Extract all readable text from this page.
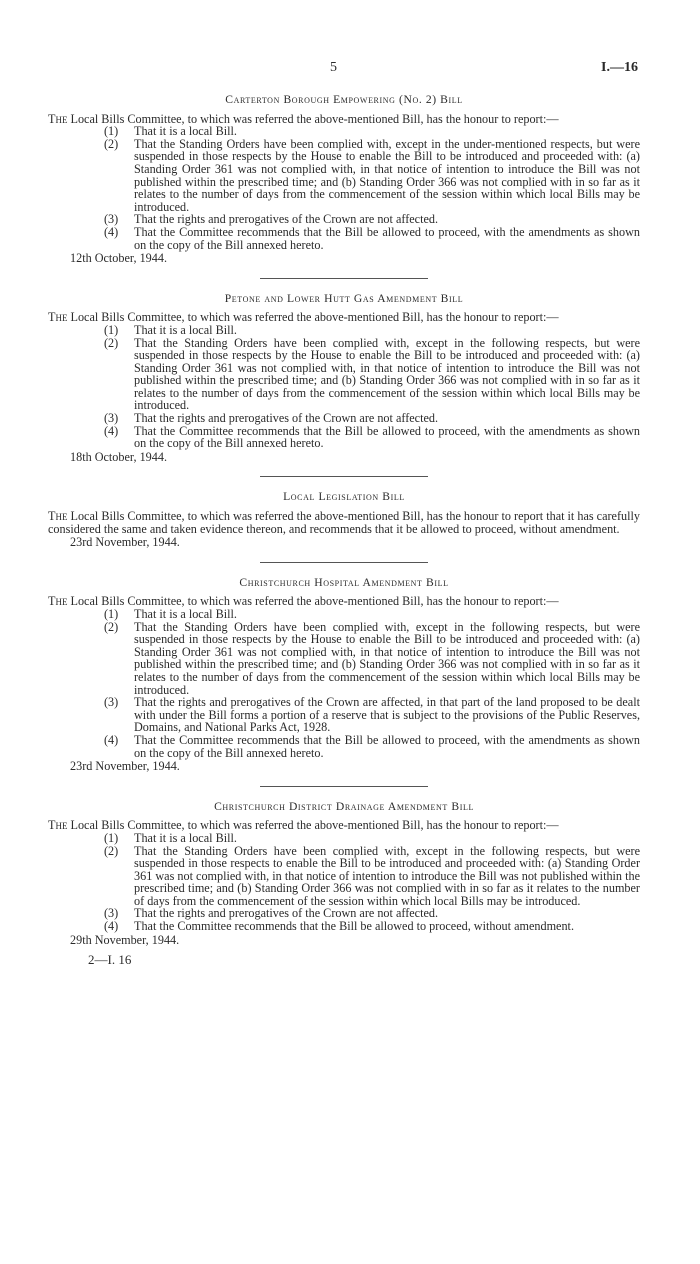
5	I.—16
Carterton Borough Empowering (No. 2) Bill

The Local Bills Committee, to which was referred the above-mentioned Bill, has the honour to report:—

(1)	That it is a local Bill.
(2)	That the Standing Orders have been complied with, except in the under-mentioned respects, but were suspended in those respects by the House to enable the Bill to be introduced and proceeded with: (a) Standing Order 361 was not complied with, in that notice of intention to introduce the Bill was not published within the prescribed time; and (b) Standing Order 366 was not complied with in so far as it relates to the number of days from the commencement of the session within which local Bills may be introduced.
(3)	That the rights and prerogatives of the Crown are not affected.
(4)	That the Committee recommends that the Bill be allowed to proceed, with the amendments as shown on the copy of the Bill annexed hereto.
12th October, 1944.
Petone and Lower Hutt Gas Amendment Bill

The Local Bills Committee, to which was referred the above-mentioned Bill, has the honour to report:—

(1)	That it is a local Bill.
(2)	That the Standing Orders have been complied with, except in the following respects, but were suspended in those respects by the House to enable the Bill to be introduced and proceeded with: (a) Standing Order 361 was not complied with, in that notice of intention to introduce the Bill was not published within the prescribed time; and (b) Standing Order 366 was not complied with in so far as it relates to the number of days from the commencement of the session within which local Bills may be introduced.
(3)	That the rights and prerogatives of the Crown are not affected.
(4)	That the Committee recommends that the Bill be allowed to proceed, with the amendments as shown on the copy of the Bill annexed hereto.
18th October, 1944.
Local Legislation Bill

The Local Bills Committee, to which was referred the above-mentioned Bill, has the honour to report that it has carefully considered the same and taken evidence thereon, and recommends that it be allowed to proceed, without amendment.

23rd November, 1944.
Christchurch Hospital Amendment Bill

The Local Bills Committee, to which was referred the above-mentioned Bill, has the honour to report:—

(1)	That it is a local Bill.
(2)	That the Standing Orders have been complied with, except in the following respects, but were suspended in those respects by the House to enable the Bill to be introduced and proceeded with: (a) Standing Order 361 was not complied with, in that notice of intention to introduce the Bill was not published within the prescribed time; and (b) Standing Order 366 was not complied with in so far as it relates to the number of days from the commencement of the session within which local Bills may be introduced.
(3)	That the rights and prerogatives of the Crown are affected, in that part of the land proposed to be dealt with under the Bill forms a portion of a reserve that is subject to the provisions of the Public Reserves, Domains, and National Parks Act, 1928.
(4)	That the Committee recommends that the Bill be allowed to proceed, with the amendments as shown on the copy of the Bill annexed hereto.
23rd November, 1944.
Christchurch District Drainage Amendment Bill

The Local Bills Committee, to which was referred the above-mentioned Bill, has the honour to report:—

(1)	That it is a local Bill.
(2)	That the Standing Orders have been complied with, except in the following respects, but were suspended in those respects to enable the Bill to be introduced and proceeded with: (a) Standing Order 361 was not complied with, in that notice of intention to introduce the Bill was not published within the prescribed time; and (b) Standing Order 366 was not complied with in so far as it relates to the number of days from the commencement of the session within which local Bills may be introduced.
(3)	That the rights and prerogatives of the Crown are not affected.
(4)	That the Committee recommends that the Bill be allowed to proceed, without amendment.
29th November, 1944.
2—I. 16
